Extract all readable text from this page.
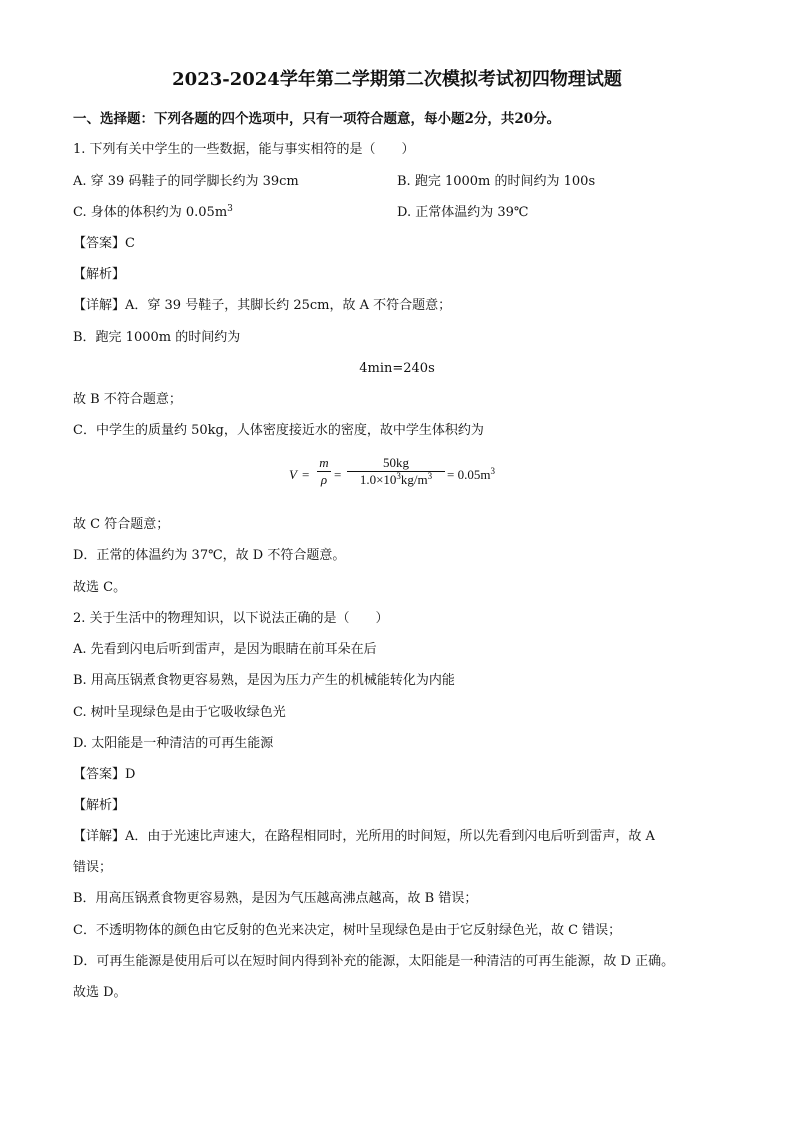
2023-2024学年第二学期第二次模拟考试初四物理试题
一、选择题：下列各题的四个选项中，只有一项符合题意，每小题2分，共20分。
1. 下列有关中学生的一些数据，能与事实相符的是（　　）
A. 穿 39 码鞋子的同学脚长约为 39cm	B. 跑完 1000m 的时间约为 100s
C. 身体的体积约为 $0.05m^3$	D. 正常体温约为 39℃
【答案】C
【解析】
【详解】A．穿 39 号鞋子，其脚长约 25cm，故 A 不符合题意；
B．跑完 1000m 的时间约为
4min=240s
故 B 不符合题意；
C．中学生的质量约 50kg，人体密度接近水的密度，故中学生体积约为
V =
m
ρ =
50kg
$1.0\times 10^3kg/m^3$	= $0.05m^3$
故 C 符合题意；
D．正常的体温约为 37℃，故 D 不符合题意。
故选 C。
2. 关于生活中的物理知识，以下说法正确的是（　　）
A. 先看到闪电后听到雷声，是因为眼睛在前耳朵在后
B. 用高压锅煮食物更容易熟，是因为压力产生的机械能转化为内能
C. 树叶呈现绿色是由于它吸收绿色光
D. 太阳能是一种清洁的可再生能源
【答案】D
【解析】
【详解】A．由于光速比声速大，在路程相同时，光所用的时间短，所以先看到闪电后听到雷声，故 A
错误；
B．用高压锅煮食物更容易熟，是因为气压越高沸点越高，故 B 错误；
C．不透明物体的颜色由它反射的色光来决定，树叶呈现绿色是由于它反射绿色光，故 C 错误；
D．可再生能源是使用后可以在短时间内得到补充的能源，太阳能是一种清洁的可再生能源，故 D 正确。
故选 D。
